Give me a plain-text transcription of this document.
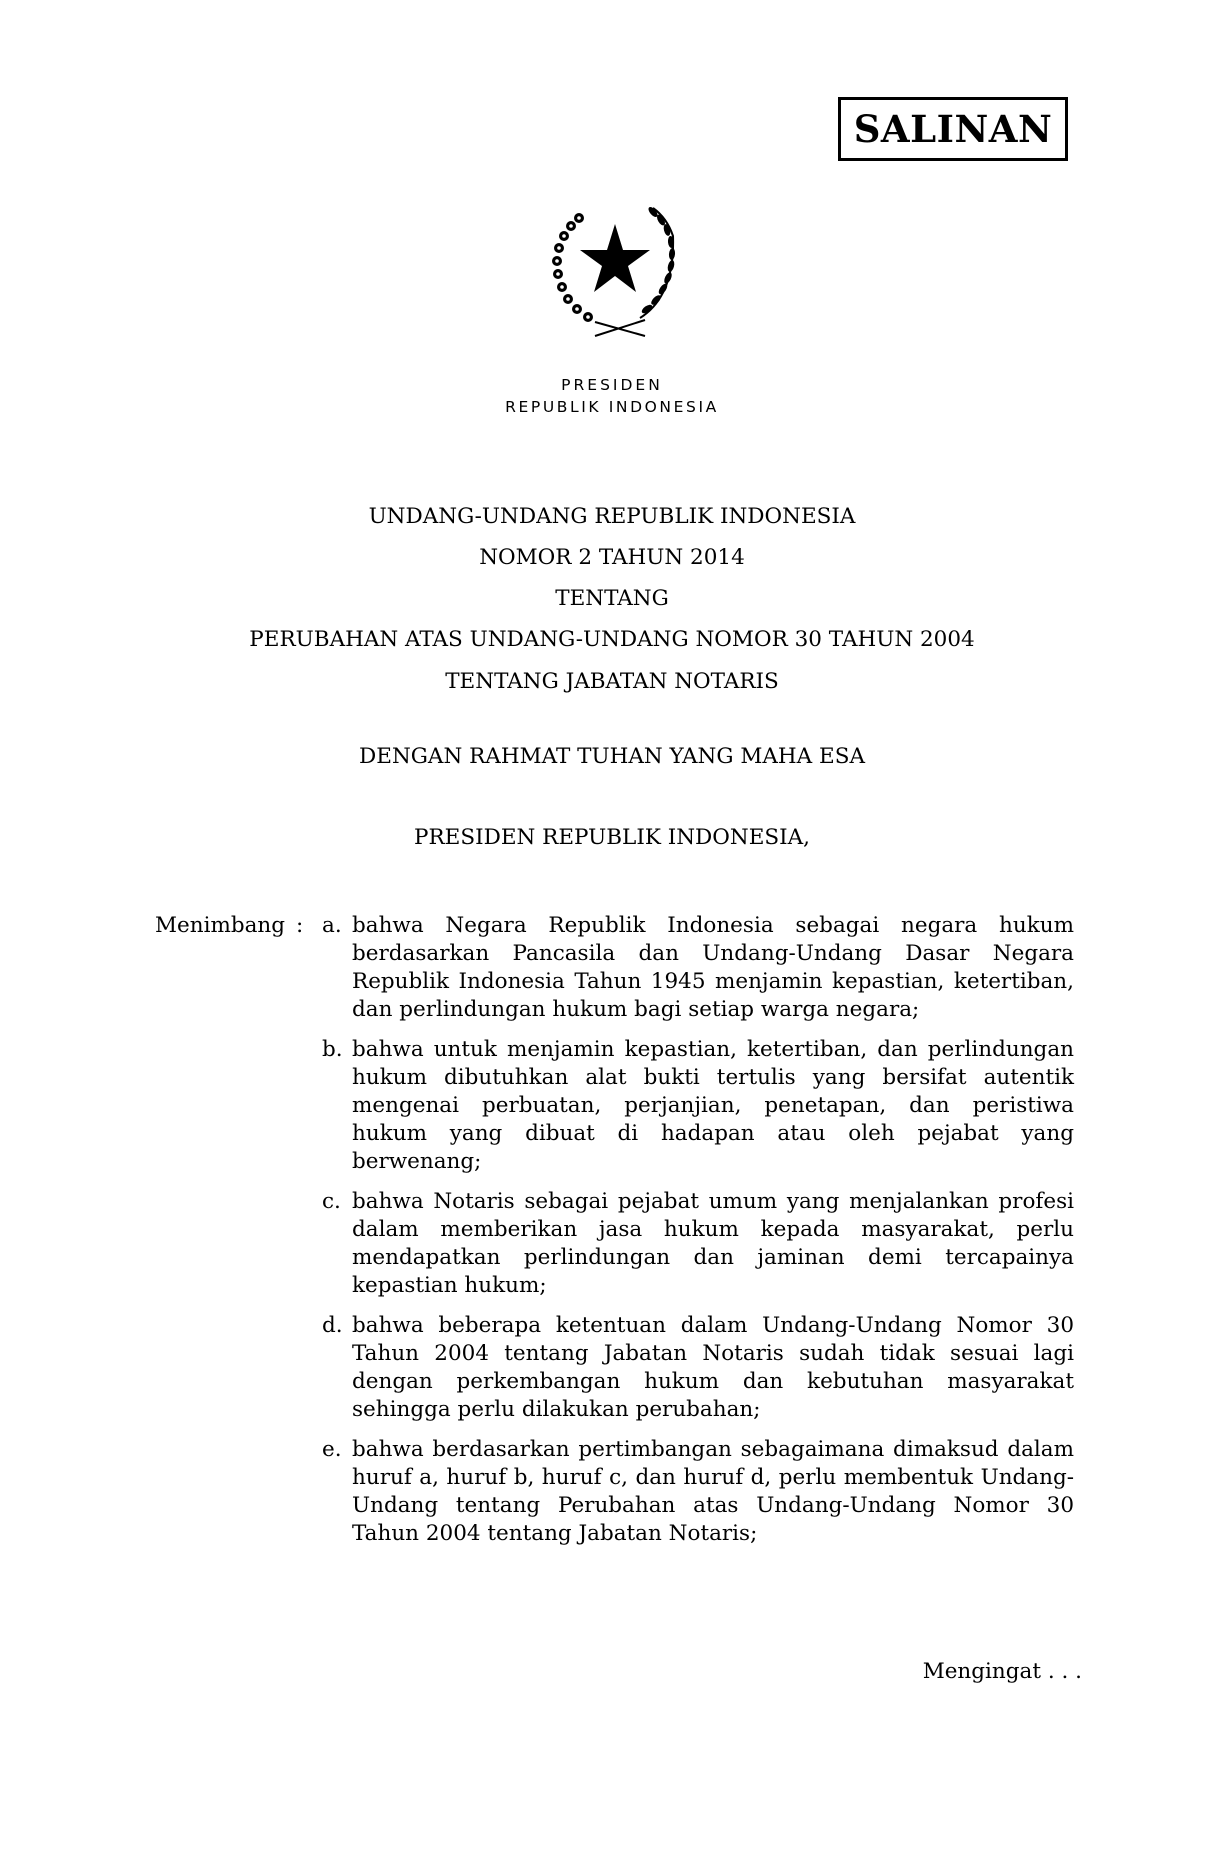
SALINAN
PRESIDEN
REPUBLIK INDONESIA
UNDANG-UNDANG REPUBLIK INDONESIA
NOMOR 2 TAHUN 2014
TENTANG
PERUBAHAN ATAS UNDANG-UNDANG NOMOR 30 TAHUN 2004
TENTANG JABATAN NOTARIS
DENGAN RAHMAT TUHAN YANG MAHA ESA
PRESIDEN REPUBLIK INDONESIA,
Menimbang : a. bahwa Negara Republik Indonesia sebagai negara hukum berdasarkan Pancasila dan Undang-Undang Dasar Negara Republik Indonesia Tahun 1945 menjamin kepastian, ketertiban, dan perlindungan hukum bagi setiap warga negara;
b. bahwa untuk menjamin kepastian, ketertiban, dan perlindungan hukum dibutuhkan alat bukti tertulis yang bersifat autentik mengenai perbuatan, perjanjian, penetapan, dan peristiwa hukum yang dibuat di hadapan atau oleh pejabat yang berwenang;
c. bahwa Notaris sebagai pejabat umum yang menjalankan profesi dalam memberikan jasa hukum kepada masyarakat, perlu mendapatkan perlindungan dan jaminan demi tercapainya kepastian hukum;
d. bahwa beberapa ketentuan dalam Undang-Undang Nomor 30 Tahun 2004 tentang Jabatan Notaris sudah tidak sesuai lagi dengan perkembangan hukum dan kebutuhan masyarakat sehingga perlu dilakukan perubahan;
e. bahwa berdasarkan pertimbangan sebagaimana dimaksud dalam huruf a, huruf b, huruf c, dan huruf d, perlu membentuk Undang-Undang tentang Perubahan atas Undang-Undang Nomor 30 Tahun 2004 tentang Jabatan Notaris;
Mengingat . . .
